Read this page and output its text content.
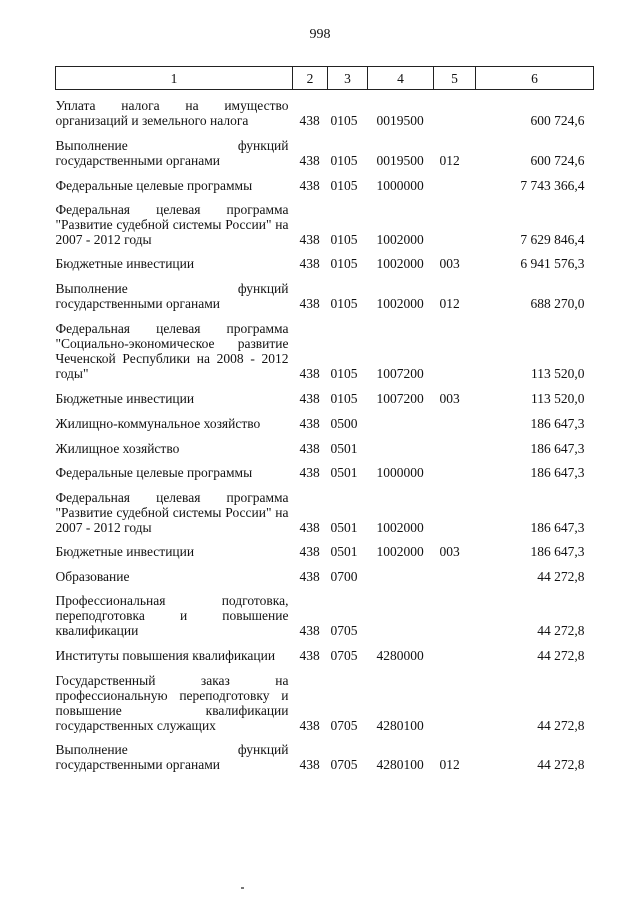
998
1	2	3	4	5	6

Уплата налога на имущество организаций и земельного налога	438	0105	0019500		600 724,6

Выполнение функций государственными органами	438	0105	0019500	012	600 724,6

Федеральные целевые программы	438	0105	1000000		7 743 366,4

Федеральная целевая программа "Развитие судебной системы России" на 2007 - 2012 годы	438	0105	1002000		7 629 846,4

Бюджетные инвестиции	438	0105	1002000	003	6 941 576,3

Выполнение функций государственными органами	438	0105	1002000	012	688 270,0

Федеральная целевая программа "Социально-экономическое развитие Чеченской Республики на 2008 - 2012 годы"	438	0105	1007200		113 520,0

Бюджетные инвестиции	438	0105	1007200	003	113 520,0

Жилищно-коммунальное хозяйство	438	0500			186 647,3

Жилищное хозяйство	438	0501			186 647,3

Федеральные целевые программы	438	0501	1000000		186 647,3

Федеральная целевая программа "Развитие судебной системы России" на 2007 - 2012 годы	438	0501	1002000		186 647,3

Бюджетные инвестиции	438	0501	1002000	003	186 647,3

Образование	438	0700			44 272,8

Профессиональная подготовка, переподготовка и повышение квалификации	438	0705			44 272,8

Институты повышения квалификации	438	0705	4280000		44 272,8

Государственный заказ на профессиональную переподготовку и повышение квалификации государственных служащих	438	0705	4280100		44 272,8

Выполнение функций государственными органами	438	0705	4280100	012	44 272,8
